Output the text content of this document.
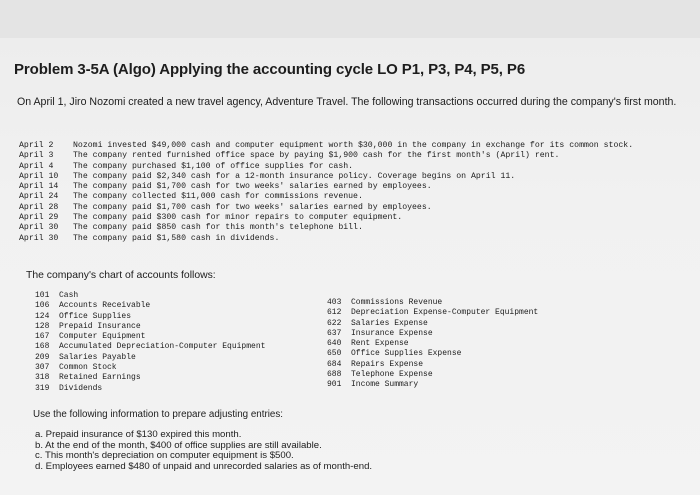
Problem 3-5A (Algo) Applying the accounting cycle LO P1, P3, P4, P5, P6
On April 1, Jiro Nozomi created a new travel agency, Adventure Travel. The following transactions occurred during the company's first month.
April 2	Nozomi invested $49,000 cash and computer equipment worth $30,000 in the company in exchange for its common stock.
April 3	The company rented furnished office space by paying $1,900 cash for the first month's (April) rent.
April 4	The company purchased $1,100 of office supplies for cash.
April 10	The company paid $2,340 cash for a 12-month insurance policy. Coverage begins on April 11.
April 14	The company paid $1,700 cash for two weeks' salaries earned by employees.
April 24	The company collected $11,000 cash for commissions revenue.
April 28	The company paid $1,700 cash for two weeks' salaries earned by employees.
April 29	The company paid $300 cash for minor repairs to computer equipment.
April 30	The company paid $850 cash for this month's telephone bill.
April 30	The company paid $1,580 cash in dividends.
The company's chart of accounts follows:
101 Cash
106 Accounts Receivable
124 Office Supplies
128 Prepaid Insurance
167 Computer Equipment
168 Accumulated Depreciation-Computer Equipment
209 Salaries Payable
307 Common Stock
318 Retained Earnings
319 Dividends
403 Commissions Revenue
612 Depreciation Expense-Computer Equipment
622 Salaries Expense
637 Insurance Expense
640 Rent Expense
650 Office Supplies Expense
684 Repairs Expense
688 Telephone Expense
901 Income Summary
Use the following information to prepare adjusting entries:
a. Prepaid insurance of $130 expired this month.
b. At the end of the month, $400 of office supplies are still available.
c. This month's depreciation on computer equipment is $500.
d. Employees earned $480 of unpaid and unrecorded salaries as of month-end.
